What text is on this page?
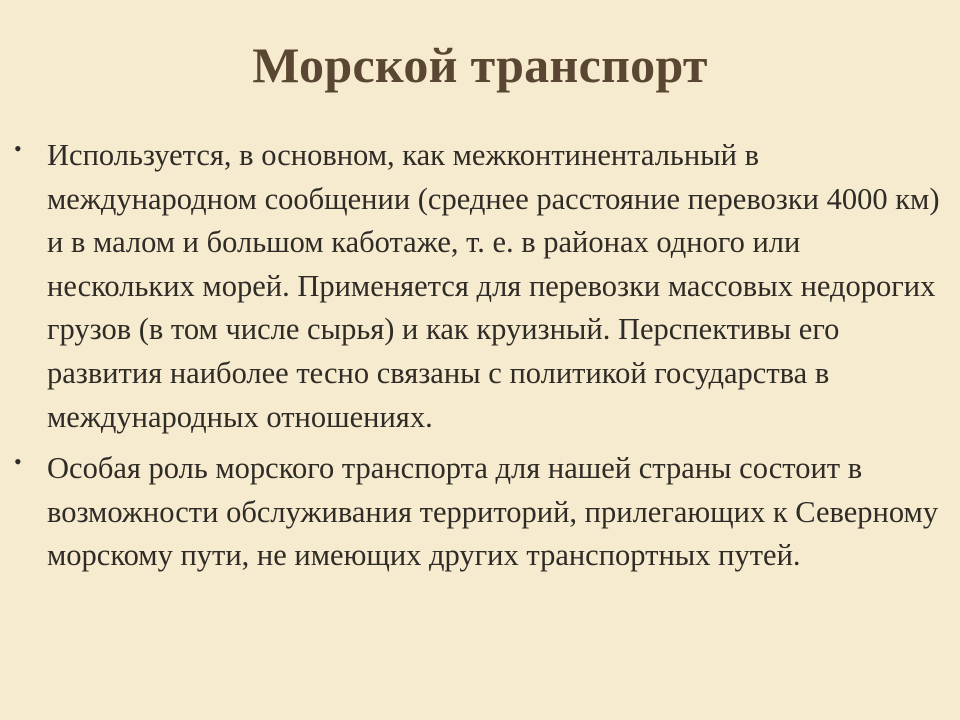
Морской транспорт
• Используется, в основном, как межконтинентальный в международном сообщении (среднее расстояние перевозки 4000 км) и в малом и большом каботаже, т. е. в районах одного или нескольких морей. Применяется для перевозки массовых недорогих грузов (в том числе сырья) и как круизный. Перспективы его развития наиболее тесно связаны с политикой государства в международных отношениях.
• Особая роль морского транспорта для нашей страны состоит в возможности обслуживания территорий, прилегающих к Северному морскому пути, не имеющих других транспортных путей.
